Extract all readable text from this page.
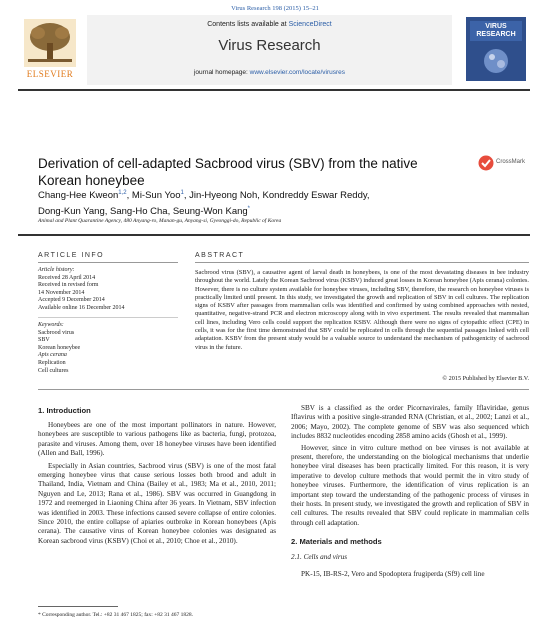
Virus Research 198 (2015) 15–21
ELSEVIER
Contents lists available at ScienceDirect
Virus Research
journal homepage: www.elsevier.com/locate/virusres
VIRUS RESEARCH
Derivation of cell-adapted Sacbrood virus (SBV) from the native Korean honeybee
CrossMark
Chang-Hee Kweon$^{1,2}$, Mi-Sun Yoo$^1$, Jin-Hyeong Noh, Kondreddy Eswar Reddy,
Dong-Kun Yang, Sang-Ho Cha, Seung-Won Kang*
Animal and Plant Quarantine Agency, 480 Anyang-ro, Manan-gu, Anyang-si, Gyeonggi-do, Republic of Korea
ARTICLE INFO
Article history:
Received 28 April 2014
Received in revised form
14 November 2014
Accepted 9 December 2014
Available online 16 December 2014
Keywords:
Sacbrood virus
SBV
Korean honeybee
Apis cerana
Replication
Cell cultures
ABSTRACT
Sacbrood virus (SBV), a causative agent of larval death in honeybees, is one of the most devastating diseases in bee industry throughout the world. Lately the Korean Sacbrood virus (KSBV) induced great losses in Korean honeybee (Apis cerana) colonies. However, there is no culture system available for honeybee viruses, including SBV, therefore, the research on honeybee viruses is practically limited until present. In this study, we investigated the growth and replication of SBV in cell cultures. The replication signs of KSBV after passages from mammalian cells was identified and confirmed by using combined approaches with nested, quantitative, negative-strand PCR and electron microscopy along with in vivo experiment. The results revealed that mammalian cell lines, including Vero cells could support the replication KSBV. Although there were no signs of cytopathic effect (CPE) in cells, it was for the first time demonstrated that SBV could be replicated in cells through the sequential passages linked with cell adaptation. KSBV from the present study would be a valuable source to understand the mechanism of pathogenicity of sacbrood virus in the future.
© 2015 Published by Elsevier B.V.
1. Introduction

Honeybees are one of the most important pollinators in nature. However, honeybees are susceptible to various pathogens like as bacteria, fungi, protozoa, parasite and viruses. Among them, over 18 honeybee viruses have been identified (Allen and Ball, 1996).

Especially in Asian countries, Sacbrood virus (SBV) is one of the most fatal emerging honeybee virus that cause serious losses both brood and adult in Thailand, India, Vietnam and China (Bailey et al., 1983; Ma et al., 2010, 2011; Nguyen and Le, 2013; Rana et al., 1986). SBV was occurred in Guangdong in 1972 and reemerged in Liaoning China after 36 years. In Vietnam, SBV infection was identified in 2003. These infections caused severe collapse of entire colonies. Since 2010, the entire collapse of apiaries outbroke in Korean honeybees (Apis cerana). The causative virus of Korean honeybee colonies was designated as Korean sacbrood virus (KSBV) (Choi et al., 2010; Choe et al., 2010).

SBV is a classified as the order Picornavirales, family Iflaviridae, genus Iflavirus with a positive single-stranded RNA (Christian, et al., 2002; Lanzi et al., 2006; Mayo, 2002). The complete genome of SBV was also sequenced which includes 8832 nucleotides encoding 2858 amino acids (Ghosh et al., 1999).

However, since in vitro culture method on bee viruses is not available at present, therefore, the understanding on the biological mechanisms that underlie honeybee viral diseases has been practically limited. For this reason, it is very imperative to develop culture methods that would permit the in vitro study of honeybee viruses. Furthermore, the identification of virus replication is an important step toward the understanding of the pathogenic process of viruses in their hosts. In present study, we investigated the growth and replication of SBV in cell cultures. The results revealed that SBV could replicate in mammalian cells through cell adaptation.

2. Materials and methods
2.1. Cells and virus

PK-15, IB-RS-2, Vero and Spodoptera frugiperda (Sf9) cell line

* Corresponding author. Tel.: +82 31 467 1825; fax: +82 31 467 1828.
